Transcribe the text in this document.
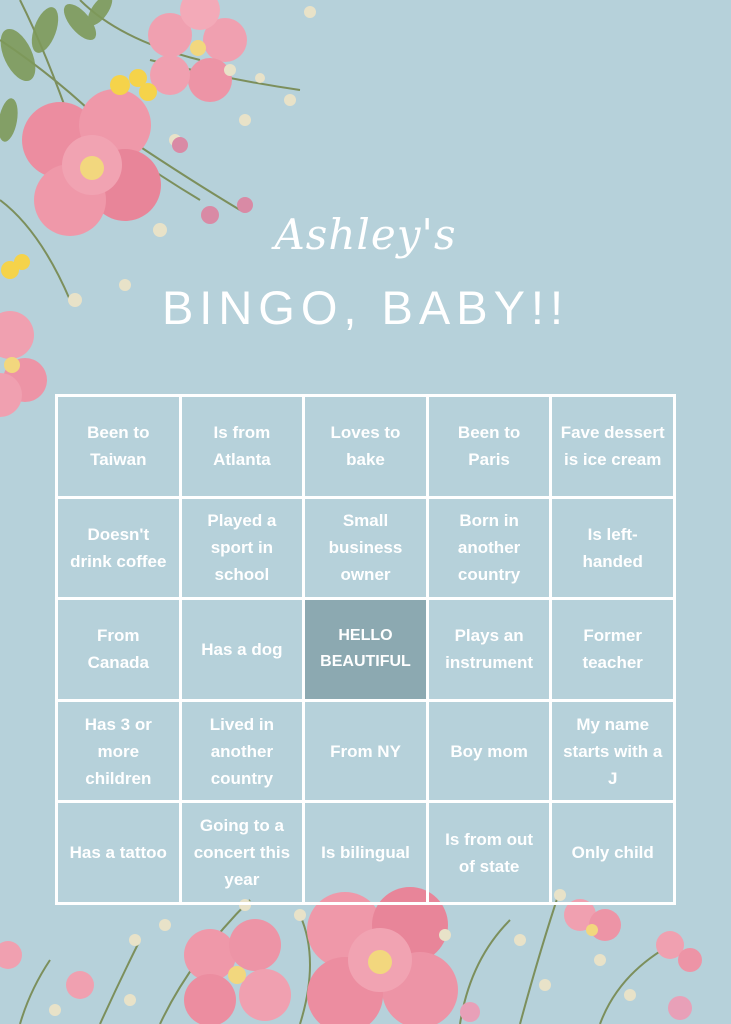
Ashley's
BINGO, BABY!!
Been to Taiwan
Is from Atlanta
Loves to bake
Been to Paris
Fave dessert is ice cream
Doesn't drink coffee
Played a sport in school
Small business owner
Born in another country
Is left-handed
From Canada
Has a dog
HELLO BEAUTIFUL
Plays an instrument
Former teacher
Has 3 or more children
Lived in another country
From NY	Boy mom
My name starts with a J
Has a tattoo
Going to a concert this year
Is bilingual
Is from out of state
Only child
